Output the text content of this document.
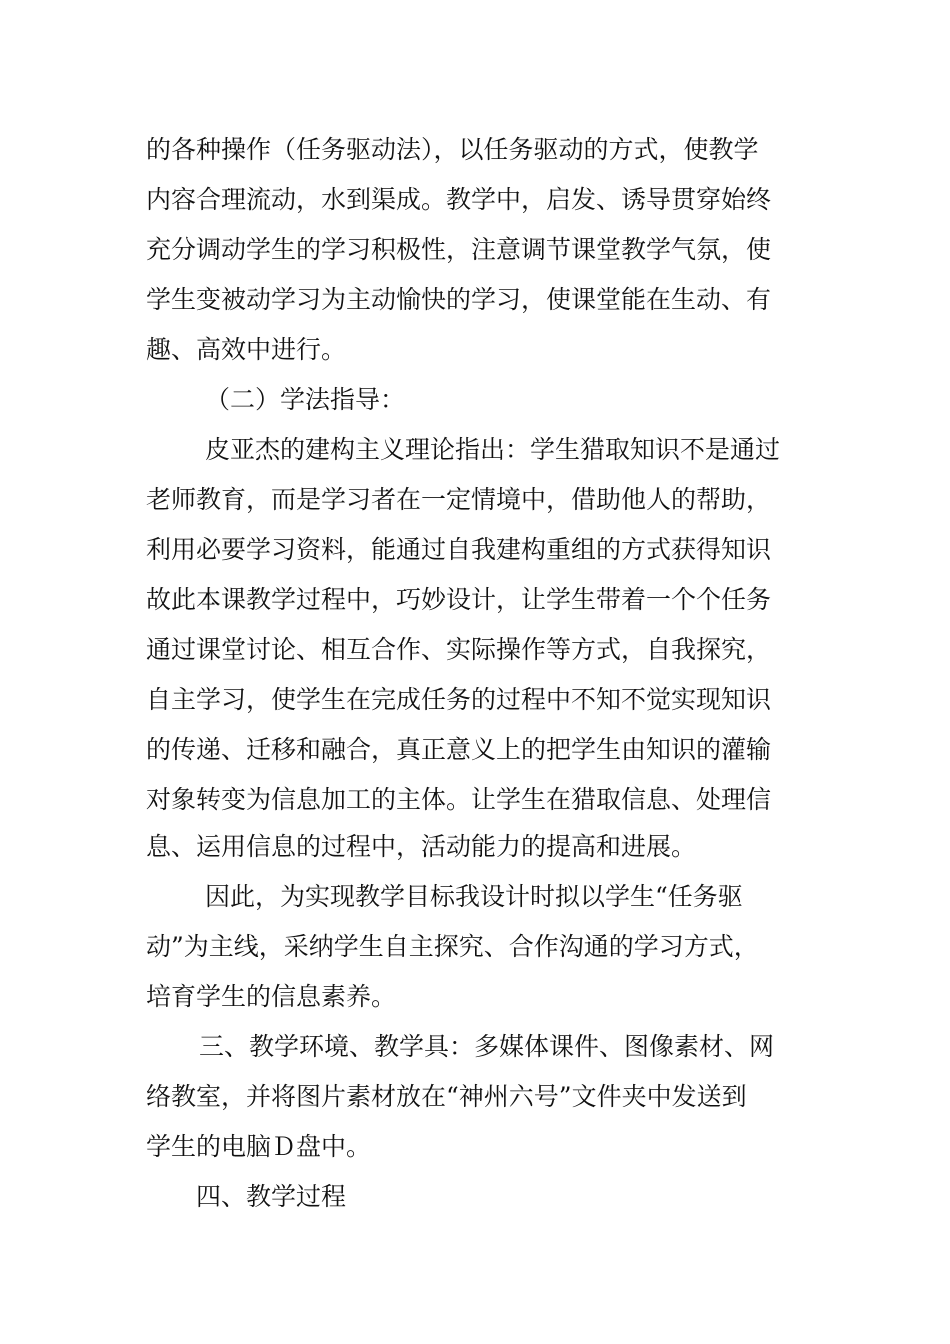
的各种操作（任务驱动法），以任务驱动的方式，使教学
内容合理流动，水到渠成。教学中，启发、诱导贯穿始终
充分调动学生的学习积极性，注意调节课堂教学气氛，使
学生变被动学习为主动愉快的学习，使课堂能在生动、有
趣、高效中进行。
（二）学法指导：
皮亚杰的建构主义理论指出：学生猎取知识不是通过
老师教育，而是学习者在一定情境中，借助他人的帮助，
利用必要学习资料，能通过自我建构重组的方式获得知识
故此本课教学过程中，巧妙设计，让学生带着一个个任务
通过课堂讨论、相互合作、实际操作等方式，自我探究，
自主学习，使学生在完成任务的过程中不知不觉实现知识
的传递、迁移和融合，真正意义上的把学生由知识的灌输
对象转变为信息加工的主体。让学生在猎取信息、处理信
息、运用信息的过程中，活动能力的提高和进展。
因此，为实现教学目标我设计时拟以学生“任务驱
动”为主线，采纳学生自主探究、合作沟通的学习方式，
培育学生的信息素养。
三、教学环境、教学具：多媒体课件、图像素材、网
络教室，并将图片素材放在“神州六号”文件夹中发送到
学生的电脑Ｄ盘中。
四、教学过程
